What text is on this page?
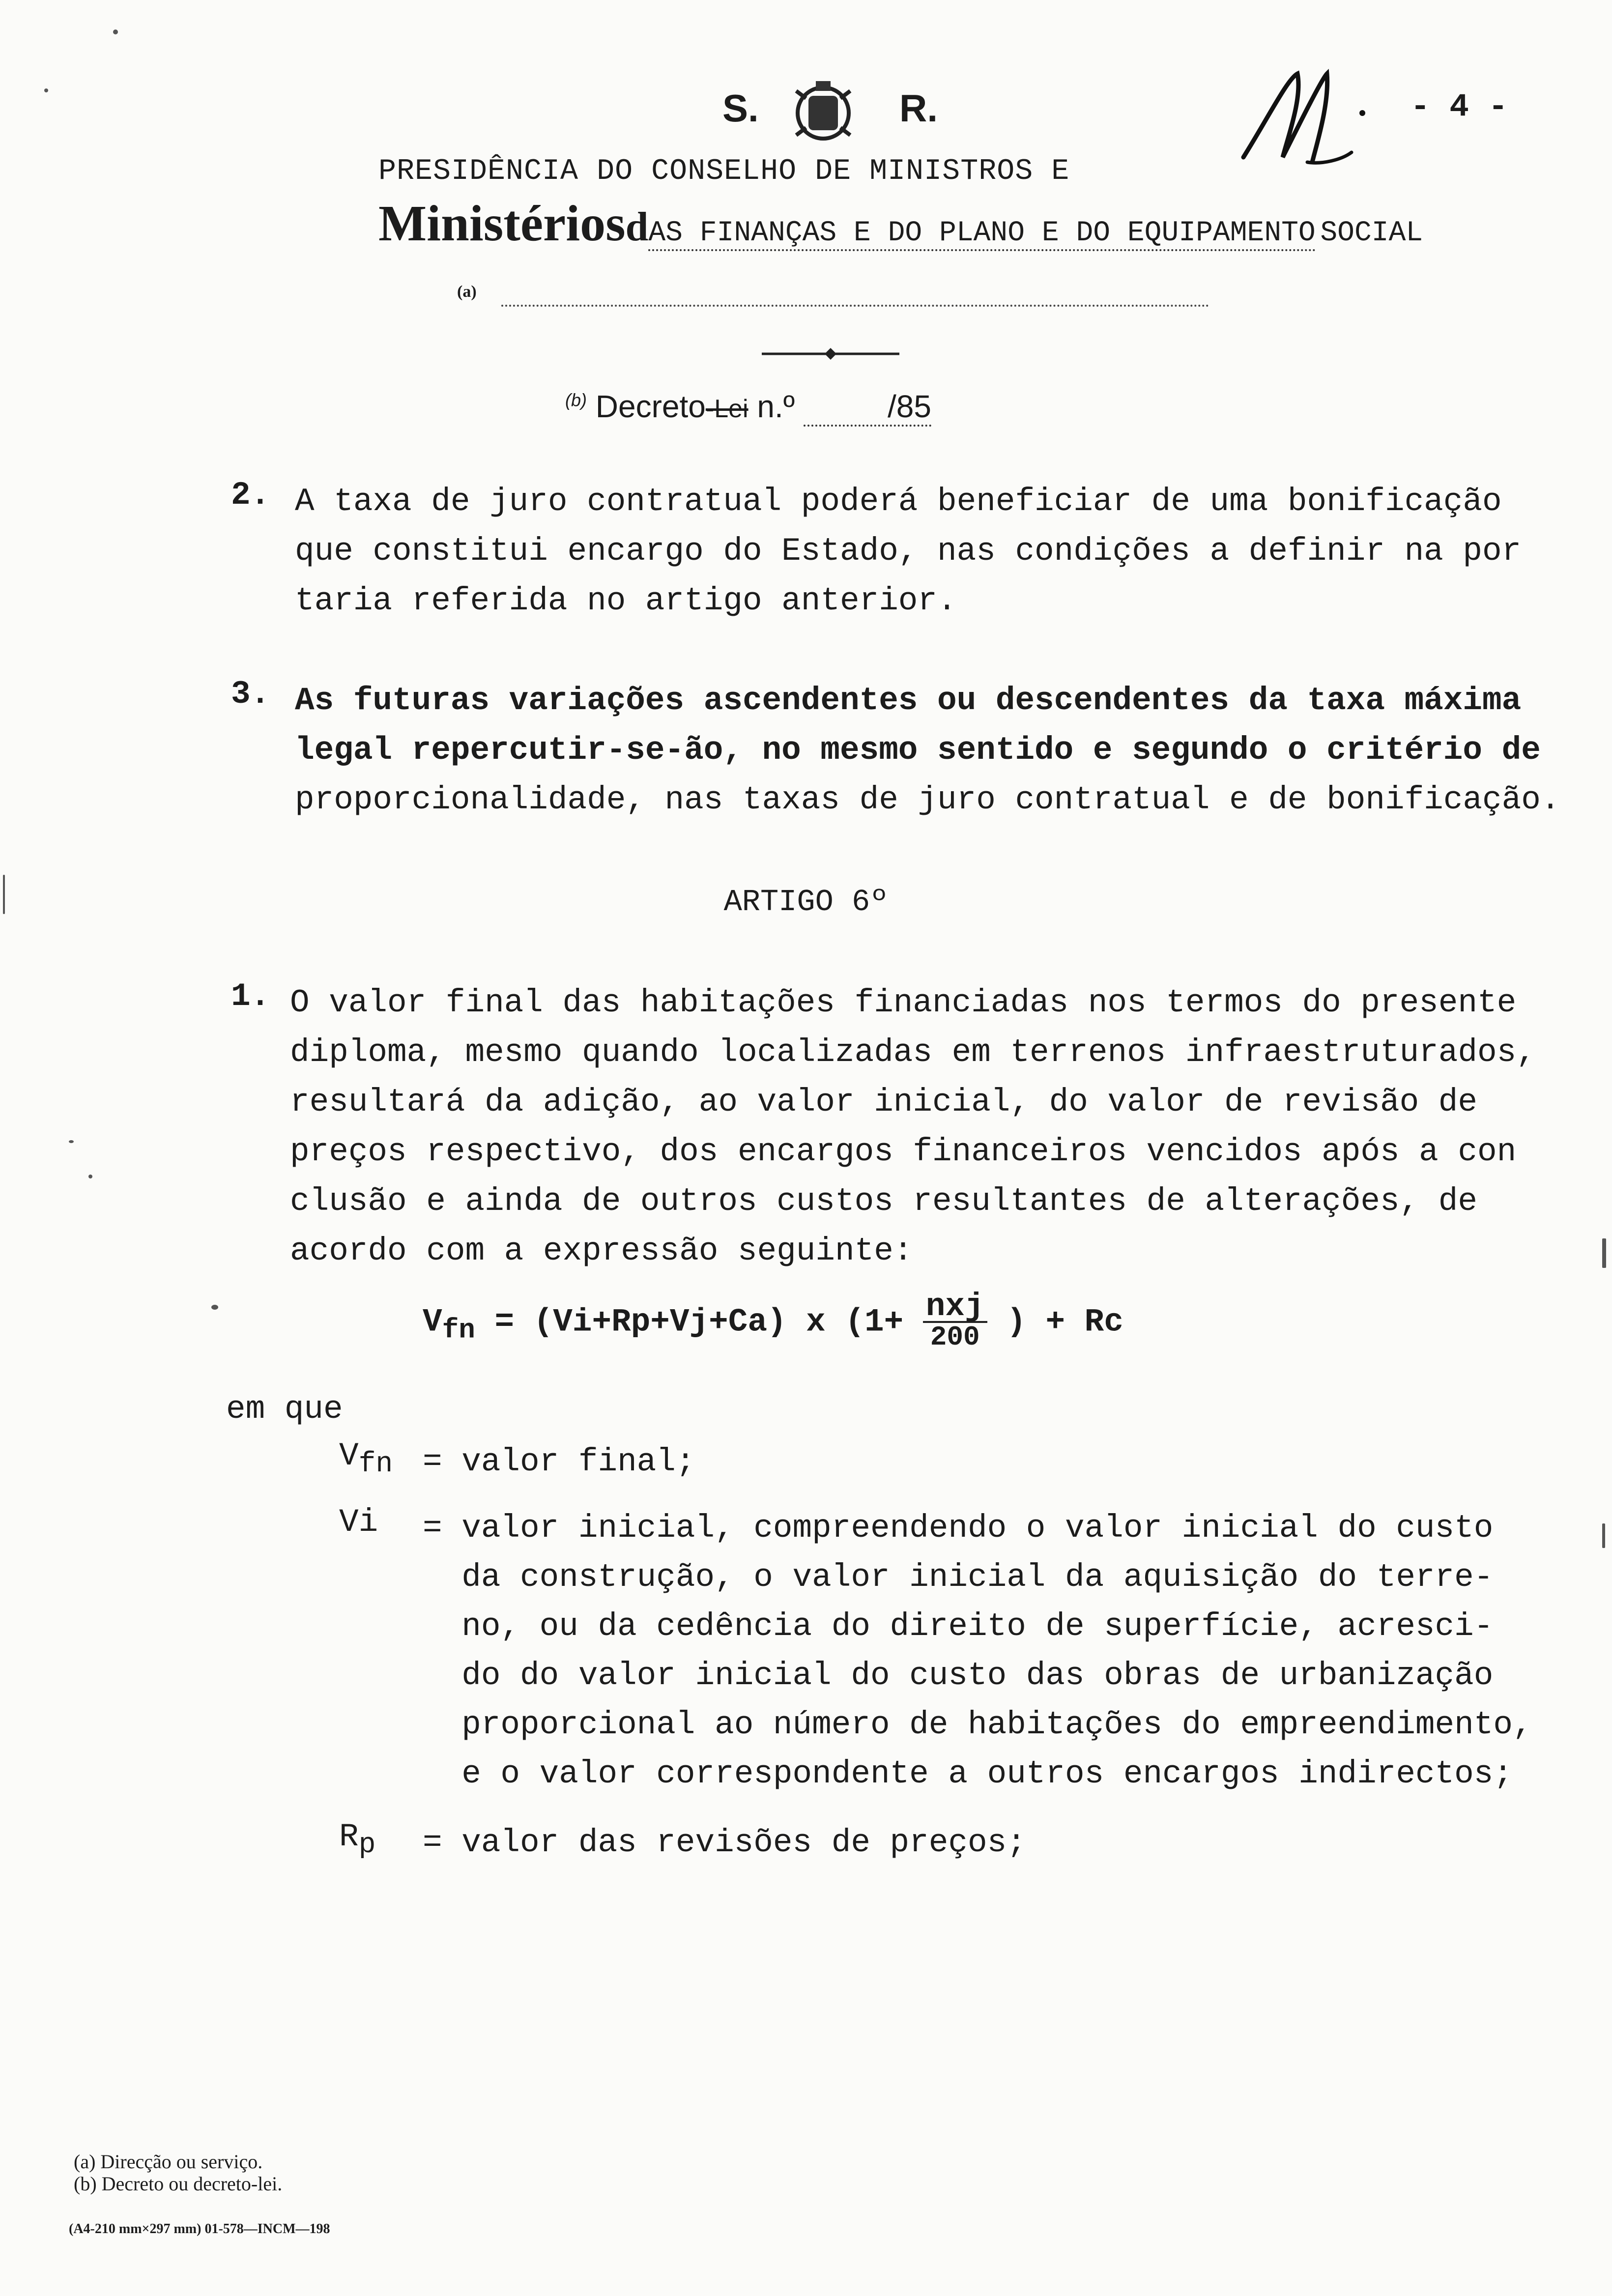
S.	R.	- 4 -
PRESIDÊNCIA DO CONSELHO DE MINISTROS E
MinistériosdAS FINANÇAS E DO PLANO E DO EQUIPAMENTO SOCIAL
(a)
$^{(b)}$ Decreto-Lei n.º	/85
2. A taxa de juro contratual poderá beneficiar de uma bonificação
que constitui encargo do Estado, nas condições a definir na por
taria referida no artigo anterior.
3. As futuras variações ascendentes ou descendentes da taxa máxima
legal repercutir-se-ão, no mesmo sentido e segundo o critério de
proporcionalidade, nas taxas de juro contratual e de bonificação.
ARTIGO 6º
1. O valor final das habitações financiadas nos termos do presente
diploma, mesmo quando localizadas em terrenos infraestruturados,
resultará da adição, ao valor inicial, do valor de revisão de
preços respectivo, dos encargos financeiros vencidos após a con
clusão e ainda de outros custos resultantes de alterações, de
acordo com a expressão seguinte:
$V_{fn} = (Vi+Rp+Vj+Ca)$ x ($1+ \frac{\text{nxj}}{200}$ ) + Rc
em que
$V_{fn}$ = valor final;
Vi = valor inicial, compreendendo o valor inicial do custo
da construção, o valor inicial da aquisição do terre-
no, ou da cedência do direito de superfície, acresci-
do do valor inicial do custo das obras de urbanização
proporcional ao número de habitações do empreendimento,
e o valor correspondente a outros encargos indirectos;
$R_p$ = valor das revisões de preços;
(a) Direcção ou serviço.
(b) Decreto ou decreto-lei.
(A4-210 mm×297 mm) 01-578—INCM—198
